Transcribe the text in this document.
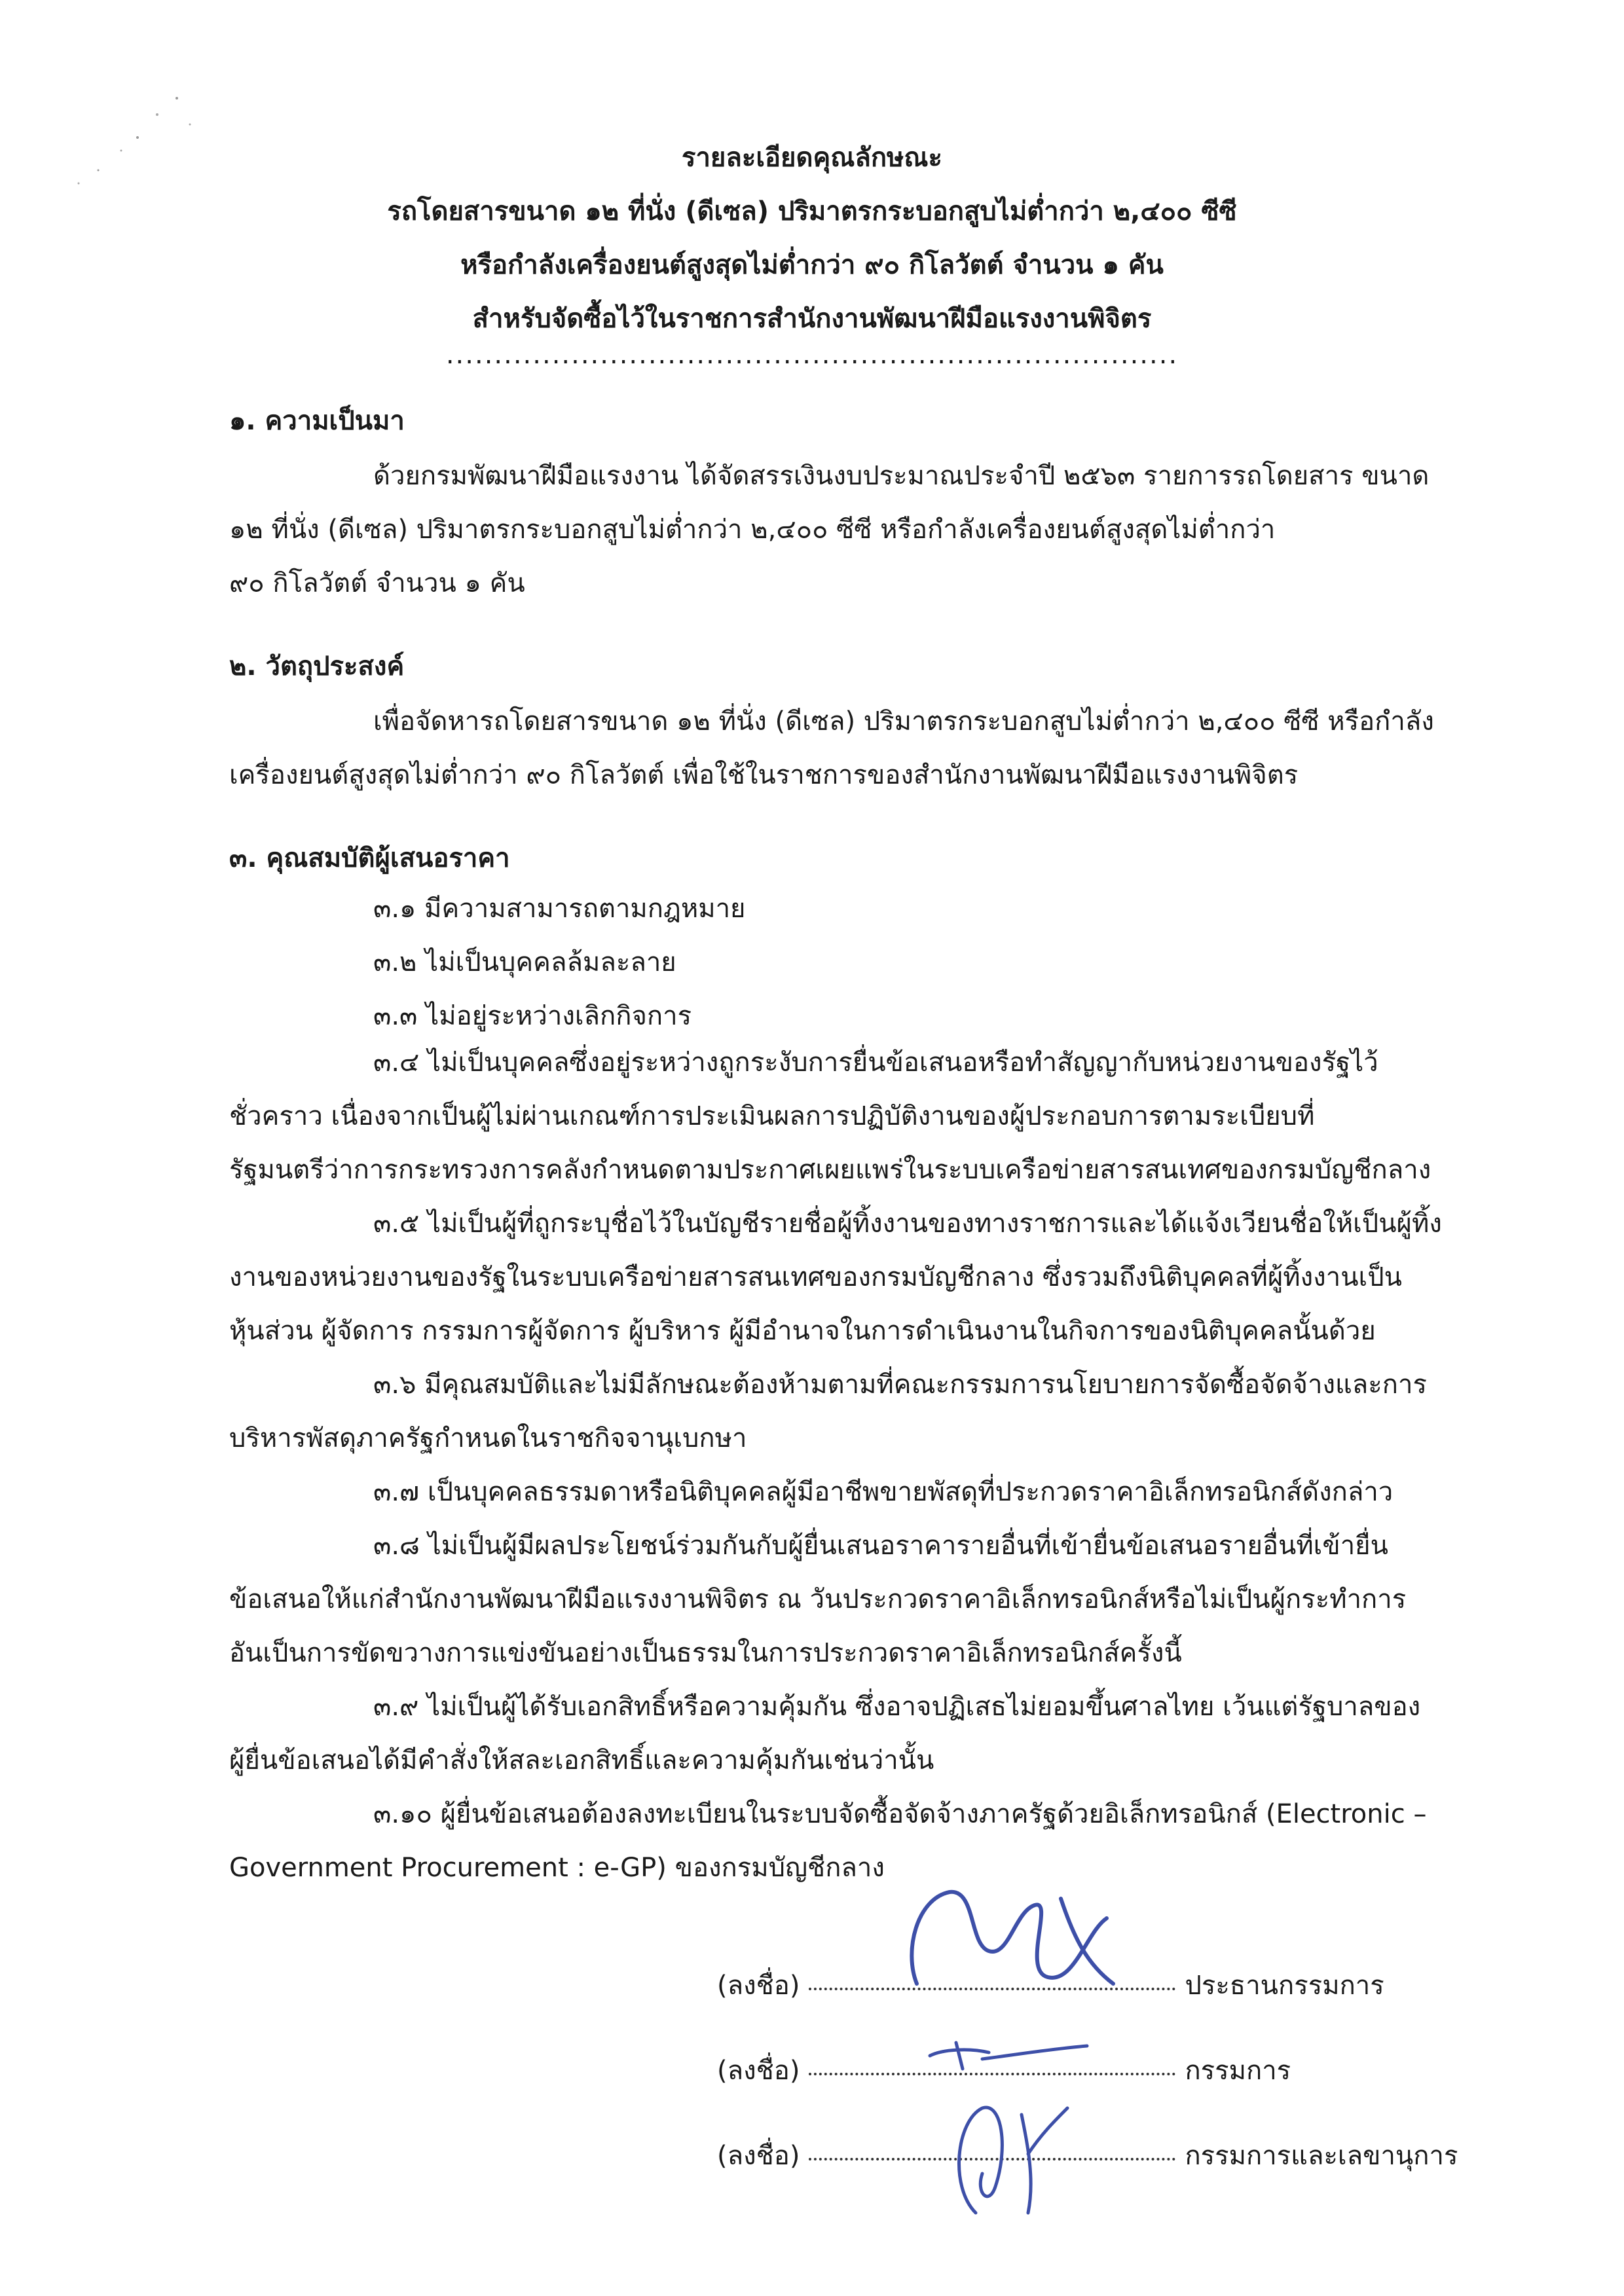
รายละเอียดคุณลักษณะ
รถโดยสารขนาด ๑๒ ที่นั่ง (ดีเซล) ปริมาตรกระบอกสูบไม่ต่ำกว่า ๒,๔๐๐ ซีซี
หรือกำลังเครื่องยนต์สูงสุดไม่ต่ำกว่า ๙๐ กิโลวัตต์ จำนวน ๑ คัน
สำหรับจัดซื้อไว้ในราชการสำนักงานพัฒนาฝีมือแรงงานพิจิตร
............................................................................
๑. ความเป็นมา
ด้วยกรมพัฒนาฝีมือแรงงาน ได้จัดสรรเงินงบประมาณประจำปี ๒๕๖๓ รายการรถโดยสาร ขนาด
๑๒ ที่นั่ง (ดีเซล) ปริมาตรกระบอกสูบไม่ต่ำกว่า ๒,๔๐๐ ซีซี หรือกำลังเครื่องยนต์สูงสุดไม่ต่ำกว่า
๙๐ กิโลวัตต์ จำนวน ๑ คัน
๒. วัตถุประสงค์
เพื่อจัดหารถโดยสารขนาด ๑๒ ที่นั่ง (ดีเซล) ปริมาตรกระบอกสูบไม่ต่ำกว่า ๒,๔๐๐ ซีซี หรือกำลัง
เครื่องยนต์สูงสุดไม่ต่ำกว่า ๙๐ กิโลวัตต์ เพื่อใช้ในราชการของสำนักงานพัฒนาฝีมือแรงงานพิจิตร
๓. คุณสมบัติผู้เสนอราคา
๓.๑ มีความสามารถตามกฎหมาย
๓.๒ ไม่เป็นบุคคลล้มละลาย
๓.๓ ไม่อยู่ระหว่างเลิกกิจการ
๓.๔ ไม่เป็นบุคคลซึ่งอยู่ระหว่างถูกระงับการยื่นข้อเสนอหรือทำสัญญากับหน่วยงานของรัฐไว้
ชั่วคราว เนื่องจากเป็นผู้ไม่ผ่านเกณฑ์การประเมินผลการปฏิบัติงานของผู้ประกอบการตามระเบียบที่
รัฐมนตรีว่าการกระทรวงการคลังกำหนดตามประกาศเผยแพร่ในระบบเครือข่ายสารสนเทศของกรมบัญชีกลาง
๓.๕ ไม่เป็นผู้ที่ถูกระบุชื่อไว้ในบัญชีรายชื่อผู้ทิ้งงานของทางราชการและได้แจ้งเวียนชื่อให้เป็นผู้ทิ้ง
งานของหน่วยงานของรัฐในระบบเครือข่ายสารสนเทศของกรมบัญชีกลาง ซึ่งรวมถึงนิติบุคคลที่ผู้ทิ้งงานเป็น
หุ้นส่วน ผู้จัดการ กรรมการผู้จัดการ ผู้บริหาร ผู้มีอำนาจในการดำเนินงานในกิจการของนิติบุคคลนั้นด้วย
๓.๖ มีคุณสมบัติและไม่มีลักษณะต้องห้ามตามที่คณะกรรมการนโยบายการจัดซื้อจัดจ้างและการ
บริหารพัสดุภาครัฐกำหนดในราชกิจจานุเบกษา
๓.๗ เป็นบุคคลธรรมดาหรือนิติบุคคลผู้มีอาชีพขายพัสดุที่ประกวดราคาอิเล็กทรอนิกส์ดังกล่าว
๓.๘ ไม่เป็นผู้มีผลประโยชน์ร่วมกันกับผู้ยื่นเสนอราคารายอื่นที่เข้ายื่นข้อเสนอรายอื่นที่เข้ายื่น
ข้อเสนอให้แก่สำนักงานพัฒนาฝีมือแรงงานพิจิตร ณ วันประกวดราคาอิเล็กทรอนิกส์หรือไม่เป็นผู้กระทำการ
อันเป็นการขัดขวางการแข่งขันอย่างเป็นธรรมในการประกวดราคาอิเล็กทรอนิกส์ครั้งนี้
๓.๙ ไม่เป็นผู้ได้รับเอกสิทธิ์หรือความคุ้มกัน ซึ่งอาจปฏิเสธไม่ยอมขึ้นศาลไทย เว้นแต่รัฐบาลของ
ผู้ยื่นข้อเสนอได้มีคำสั่งให้สละเอกสิทธิ์และความคุ้มกันเช่นว่านั้น
๓.๑๐ ผู้ยื่นข้อเสนอต้องลงทะเบียนในระบบจัดซื้อจัดจ้างภาครัฐด้วยอิเล็กทรอนิกส์ (Electronic –
Government Procurement : e-GP) ของกรมบัญชีกลาง
(ลงชื่อ)	ประธานกรรมการ
(ลงชื่อ)	กรรมการ
(ลงชื่อ)	กรรมการและเลขานุการ
